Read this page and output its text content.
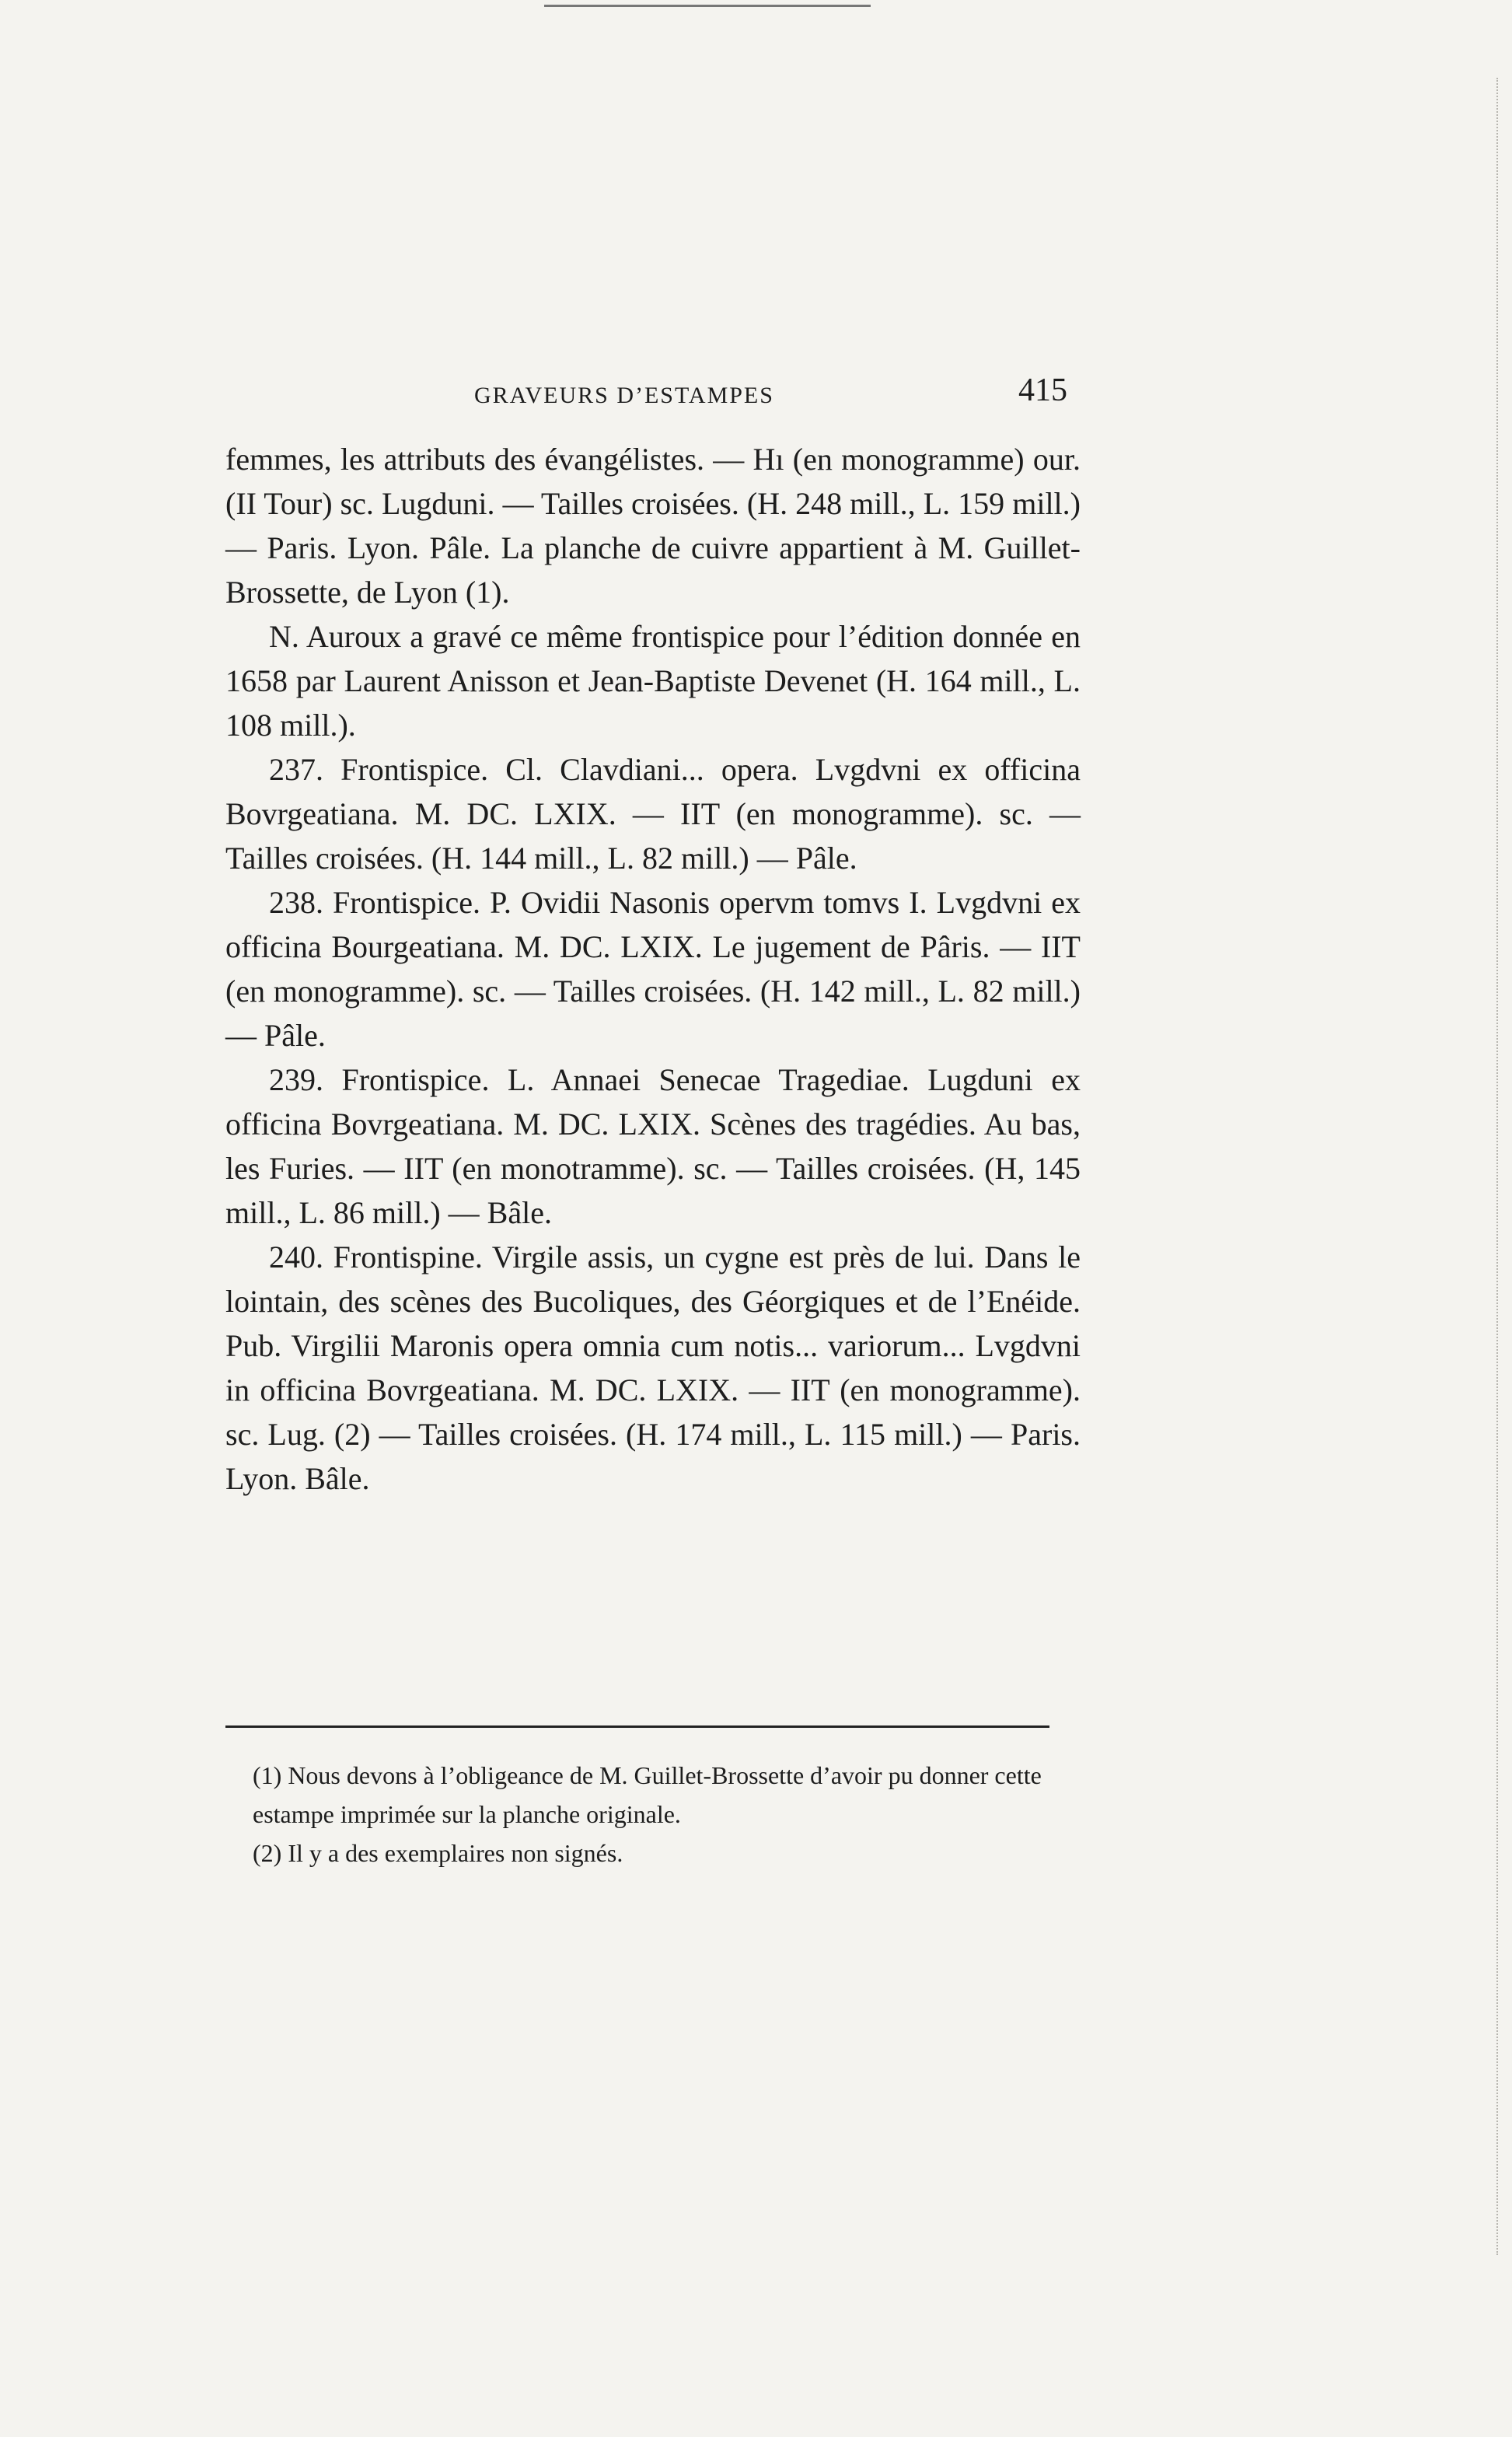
GRAVEURS D’ESTAMPES	415

femmes, les attributs des évangélistes. — Hı (en monogramme) our. (II Tour) sc. Lugduni. — Tailles croisées. (H. 248 mill., L. 159 mill.) — Paris. Lyon. Pâle. La planche de cuivre appartient à M. Guillet-Brossette, de Lyon (1).

N. Auroux a gravé ce même frontispice pour l’édition donnée en 1658 par Laurent Anisson et Jean-Baptiste Devenet (H. 164 mill., L. 108 mill.).

237. Frontispice. Cl. Clavdiani... opera. Lvgdvni ex officina Bovrgeatiana. M. DC. LXIX. — IIT (en monogramme). sc. — Tailles croisées. (H. 144 mill., L. 82 mill.) — Pâle.

238. Frontispice. P. Ovidii Nasonis opervm tomvs I. Lvgdvni ex officina Bourgeatiana. M. DC. LXIX. Le jugement de Pâris. — IIT (en monogramme). sc. — Tailles croisées. (H. 142 mill., L. 82 mill.) — Pâle.

239. Frontispice. L. Annaei Senecae Tragediae. Lugduni ex officina Bovrgeatiana. M. DC. LXIX. Scènes des tragédies. Au bas, les Furies. — IIT (en monotramme). sc. — Tailles croisées. (H, 145 mill., L. 86 mill.) — Bâle.

240. Frontispine. Virgile assis, un cygne est près de lui. Dans le lointain, des scènes des Bucoliques, des Géorgiques et de l’Enéide. Pub. Virgilii Maronis opera omnia cum notis... variorum... Lvgdvni in officina Bovrgeatiana. M. DC. LXIX. — IIT (en monogramme). sc. Lug. (2) — Tailles croisées. (H. 174 mill., L. 115 mill.) — Paris. Lyon. Bâle.

(1) Nous devons à l’obligeance de M. Guillet-Brossette d’avoir pu donner cette estampe imprimée sur la planche originale.

(2) Il y a des exemplaires non signés.
